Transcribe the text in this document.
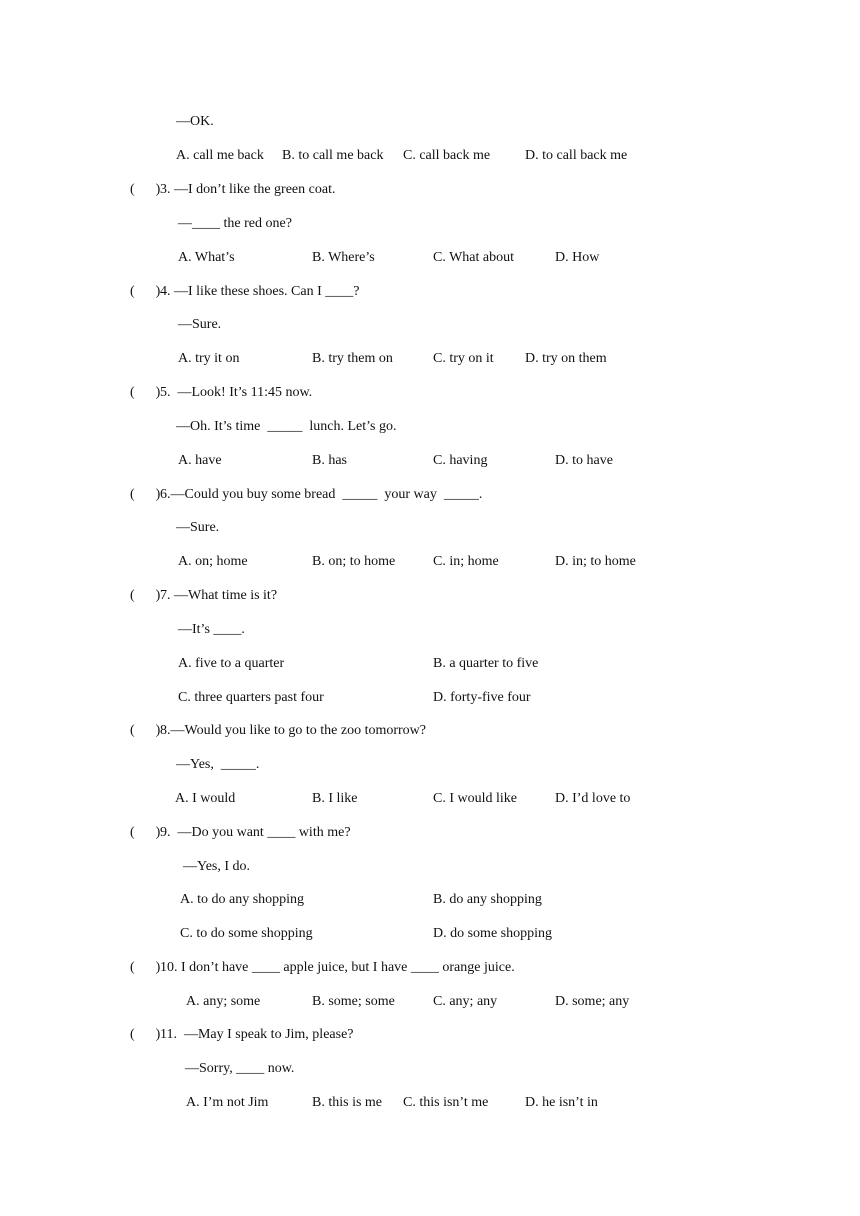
—OK.
A. call me back B. to call me back C. call back me D. to call back me
(      ) 3. —I don’t like the green coat.
—____ the red one?
A. What’s	B. Where’s	C. What about	D. How
(      ) 4. —I like these shoes. Can I ____?
—Sure.
A. try it on	B. try them on	C. try on it D. try on them
(      ) 5.  —Look! It’s 11:45 now.
—Oh. It’s time  _____  lunch. Let’s go.
A. have	B. has	C. having	D. to have
(      ) 6.—Could you buy some bread  _____  your way  _____.
—Sure.
A. on; home	B. on; to home	C. in; home	D. in; to home
(      ) 7. —What time is it?
—It’s ____.
A. five to a quarter	B. a quarter to five
C. three quarters past four	D. forty-five four
(      ) 8.—Would you like to go to the zoo tomorrow?
—Yes,  _____.
A. I would	B. I like	C. I would like	D. I’d love to
(      ) 9.  —Do you want ____ with me?
—Yes, I do.
A. to do any shopping	B. do any shopping
C. to do some shopping	D. do some shopping
(      ) 10. I don’t have ____ apple juice, but I have ____ orange juice.
A. any; some	B. some; some	C. any; any	D. some; any
(      ) 11.  —May I speak to Jim, please?
—Sorry, ____ now.
A. I’m not Jim	B. this is me C. this isn’t me	D. he isn’t in
